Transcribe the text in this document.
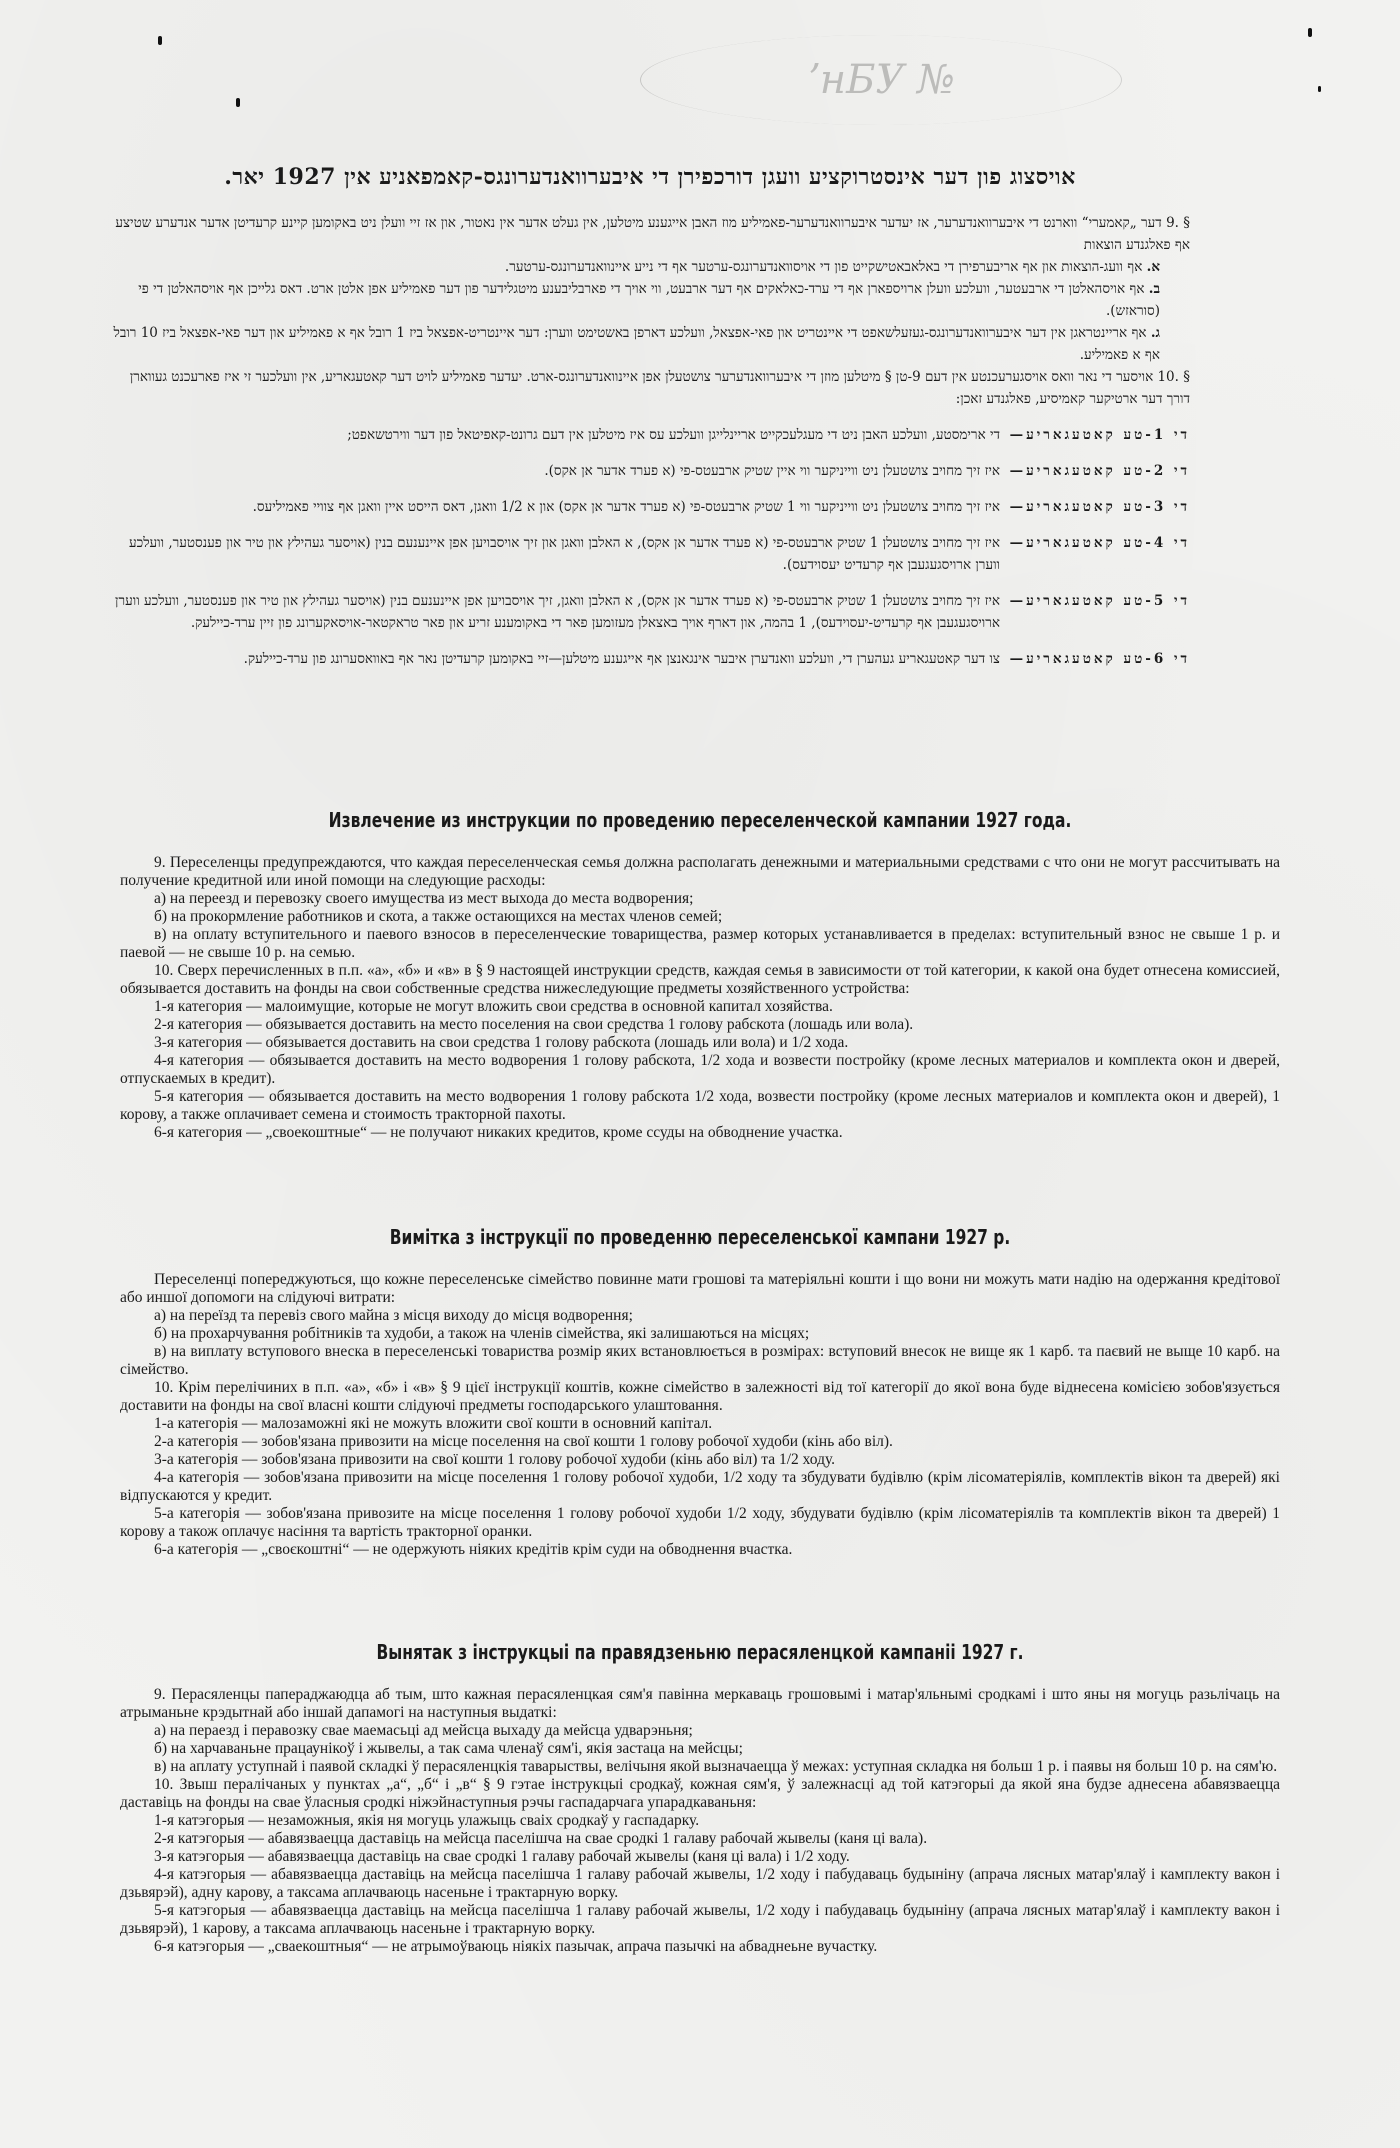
ʼнБУ №
אויסצוג פון דער אינסטרוקציע וועגן דורכפירן די איבערוואנדערונגס-קאמפאניע אין 1927 יאר.

§ .9 דער „קאמערי“ ווארנט די איבערוואנדערער, אז יעדער איבערוואנדערער-פאמיליע מוז האבן אייגענע מיטלען, אין געלט אדער אין נאטור, און אז זיי וועלן ניט באקומען קיינע קרעדיטן אדער אנדערע שטיצע אף פאלגנדע הוצאות

א. אף וועג-הוצאות און אף אריבערפירן די באלאבאטישקייט פון די אויסוואנדערונגס-ערטער אף די נייע איינוואנדערונגס-ערטער.

ב. אף אויסהאלטן די ארבעטער, וועלכע וועלן ארויספארן אף די ערד-כאלאקים אף דער ארבעט, ווי אויך די פארבליבענע מיטגלידער פון דער פאמיליע אפן אלטן ארט. דאס גלייכן אף אויסהאלטן די פי (סוראזש).

ג. אף אריינטראגן אין דער איבערוואנדערונגס-געזעלשאפט די איינטריט און פאי-אפצאל, וועלכע דארפן באשטימט ווערן: דער איינטריט-אפצאל ביז 1 רובל אף א פאמיליע און דער פאי-אפצאל ביז 10 רובל אף א פאמיליע.

§ .10 אויסער די נאר וואס אויסגערעכנטע אין דעם 9-טן § מיטלען מוזן די איבערוואנדערער צושטעלן אפן איינוואנדערונגס-ארט. יעדער פאמיליע לויט דער קאטעגאריע, אין וועלכער זי איז פארעכנט געווארן דורך דער ארטיקער קאמיסיע, פאלגנדע זאכן:

די 1-טע קאטעגאריע—
די ארימסטע, וועלכע האבן ניט די מעגלעכקייט אריינלייגן וועלכע עס איז מיטלען אין דעם גרונט-קאפיטאל פון דער ווירטשאפט;
די 2-טע קאטעגאריע—
איז זיך מחויב צושטעלן ניט ווייניקער ווי איין שטיק ארבעטס-פי (א פערד אדער אן אקס).
די 3-טע קאטעגאריע—
איז זיך מחויב צושטעלן ניט ווייניקער ווי 1 שטיק ארבעטס-פי (א פערד אדער אן אקס) און א 1/2 וואגן, דאס הייסט איין וואגן אף צוויי פאמיליעס.
די 4-טע קאטעגאריע—
איז זיך מחויב צושטעלן 1 שטיק ארבעטס-פי (א פערד אדער אן אקס), א האלבן וואגן און זיך אויסבויען אפן איינענעם בנין (אויסער געהילץ און טיר און פענסטער, וועלכע ווערן ארויסגעגעבן אף קרעדיט יעסוידעס).
די 5-טע קאטעגאריע—
איז זיך מחויב צושטעלן 1 שטיק ארבעטס-פי (א פערד אדער אן אקס), א האלבן וואגן, זיך אויסבויען אפן איינענעם בנין (אויסער געהילץ און טיר און פענסטער, וועלכע ווערן ארויסגעגעבן אף קרעדיט-יעסוידעס), 1 בהמה, און דארף אויך באצאלן מעזומען פאר די באקומענע זריע און פאר טראקטאר-אויסאקערונג פון זיין ערד-כיילעק.
די 6-טע קאטעגאריע—
צו דער קאטעגאריע געהערן די, וועלכע וואנדערן איבער אינגאנצן אף אייגענע מיטלען—זיי באקומען קרעדיטן נאר אף באוואסערונג פון ערד-כיילעק.
Извлечение из инструкции по проведению переселенческой кампании 1927 года.

9. Переселенцы предупреждаются, что каждая переселенческая семья должна располагать денежными и материальными средствами с что они не могут рассчитывать на получение кредитной или иной помощи на следующие расходы:

а) на переезд и перевозку своего имущества из мест выхода до места водворения;

б) на прокормление работников и скота, а также остающихся на местах членов семей;

в) на оплату вступительного и паевого взносов в переселенческие товарищества, размер которых устанавливается в пределах: вступительный взнос не свыше 1 р. и паевой — не свыше 10 р. на семью.

10. Сверх перечисленных в п.п. «а», «б» и «в» в § 9 настоящей инструкции средств, каждая семья в зависимости от той категории, к какой она будет отнесена комиссией, обязывается доставить на фонды на свои собственные средства нижеследующие предметы хозяйственного устройства:

1-я категория — малоимущие, которые не могут вложить свои средства в основной капитал хозяйства.

2-я категория — обязывается доставить на место поселения на свои средства 1 голову рабскота (лошадь или вола).

3-я категория — обязывается доставить на свои средства 1 голову рабскота (лошадь или вола) и 1/2 хода.

4-я категория — обязывается доставить на место водворения 1 голову рабскота, 1/2 хода и возвести постройку (кроме лесных материалов и комплекта окон и дверей, отпускаемых в кредит).

5-я категория — обязывается доставить на место водворения 1 голову рабскота 1/2 хода, возвести постройку (кроме лесных материалов и комплекта окон и дверей), 1 корову, а также оплачивает семена и стоимость тракторной пахоты.

6-я категория — „своекоштные“ — не получают никаких кредитов, кроме ссуды на обводнение участка.

Вимітка з інструкції по проведенню переселенської кампани 1927 р.

Переселенці попереджуються, що кожне переселенське сімейство повинне мати грошові та матеріяльні кошти і що вони ни можуть мати надію на одержання кредітової або иншої допомоги на слідуючі витрати:

а) на переїзд та перевіз свого майна з місця виходу до місця водворення;

б) на прохарчування робітників та худоби, а також на членів сімейства, які залишаються на місцях;

в) на виплату вступового внеска в переселенські товариства розмір яких встановлюється в розмірах: вступовий внесок не вище як 1 карб. та паєвий не выще 10 карб. на сімейство.

10. Крім перелічиних в п.п. «а», «б» і «в» § 9 цієї інструкції коштів, кожне сімейство в залежності від тої категорії до якої вона буде віднесена комісією зобов'язується доставити на фонды на свої власні кошти слідуючі предметы господарського улаштовання.

1-а категорія — малозаможні які не можуть вложити свої кошти в основний капітал.

2-а категорія — зобов'язана привозити на місце поселення на свої кошти 1 голову робочої худоби (кінь або віл).

3-а категорія — зобов'язана привозити на свої кошти 1 голову робочої худоби (кінь або віл) та 1/2 ходу.

4-а категорія — зобов'язана привозити на місце поселення 1 голову робочої худоби, 1/2 ходу та збудувати будівлю (крім лісоматеріялів, комплектів вікон та дверей) які відпускаются у кредит.

5-а категорія — зобов'язана привозите на місце поселення 1 голову робочої худоби 1/2 ходу, збудувати будівлю (крім лісоматеріялів та комплектів вікон та дверей) 1 корову а також оплачує насіння та вартість тракторної оранки.

6-а категорія — „своєкоштні“ — не одержують ніяких кредітів крім суди на обводнення вчастка.

Вынятак з інструкцыі па правядзеньню перасяленцкой кампаніі 1927 г.

9. Перасяленцы папераджаюдца аб тым, што кажная перасяленцкая сям'я павінна меркаваць грошовымі і матар'яльнымі сродкамі і што яны ня могуць разьлічаць на атрыманьне крэдытнай або іншай дапамогі на наступныя выдаткі:

а) на пераезд і перавозку свае маемасьці ад мейсца выхаду да мейсца удварэньня;

б) на харчаваньне працаунікоў і жывелы, а так сама членаў сям'і, якія застаца на мейсцы;

в) на аплату уступнай і паявой складкі ў перасяленцкія таварыствы, велічыня якой вызначаецца ў межах: уступная складка ня больш 1 р. і паявы ня больш 10 р. на сям'ю.

10. Звыш пералічаных у пунктах „а“, „б“ і „в“ § 9 гэтае інструкцыі сродкаў, кожная сям'я, ў залежнасці ад той катэгорыі да якой яна будзе аднесена абавязваецца даставіць на фонды на свае ўласныя сродкі ніжэйнаступныя рэчы гаспадарчага упарадкаваньня:

1-я катэгорыя — незаможныя, якія ня могуць улажыць сваіх сродкаў у гаспадарку.

2-я катэгорыя — абавязваецца даставіць на мейсца паселішча на свае сродкі 1 галаву рабочай жывелы (каня ці вала).

3-я катэгорыя — абавязваецца даставіць на свае сродкі 1 галаву рабочай жывелы (каня ці вала) і 1/2 ходу.

4-я катэгорыя — абавязваецца даставіць на мейсца паселішча 1 галаву рабочай жывелы, 1/2 ходу і пабудаваць будыніну (апрача лясных матар'ялаў і камплекту вакон і дзьвярэй), адну карову, а таксама аплачваюць насеньне і трактарную ворку.

5-я катэгорыя — абавязваецца даставіць на мейсца паселішча 1 галаву рабочай жывелы, 1/2 ходу і пабудаваць будыніну (апрача лясных матар'ялаў і камплекту вакон і дзьвярэй), 1 карову, а таксама аплачваюць насеньне і трактарную ворку.

6-я катэгорыя — „сваекоштныя“ — не атрымоўваюць ніякіх пазычак, апрача пазычкі на абваднеьне вучастку.
